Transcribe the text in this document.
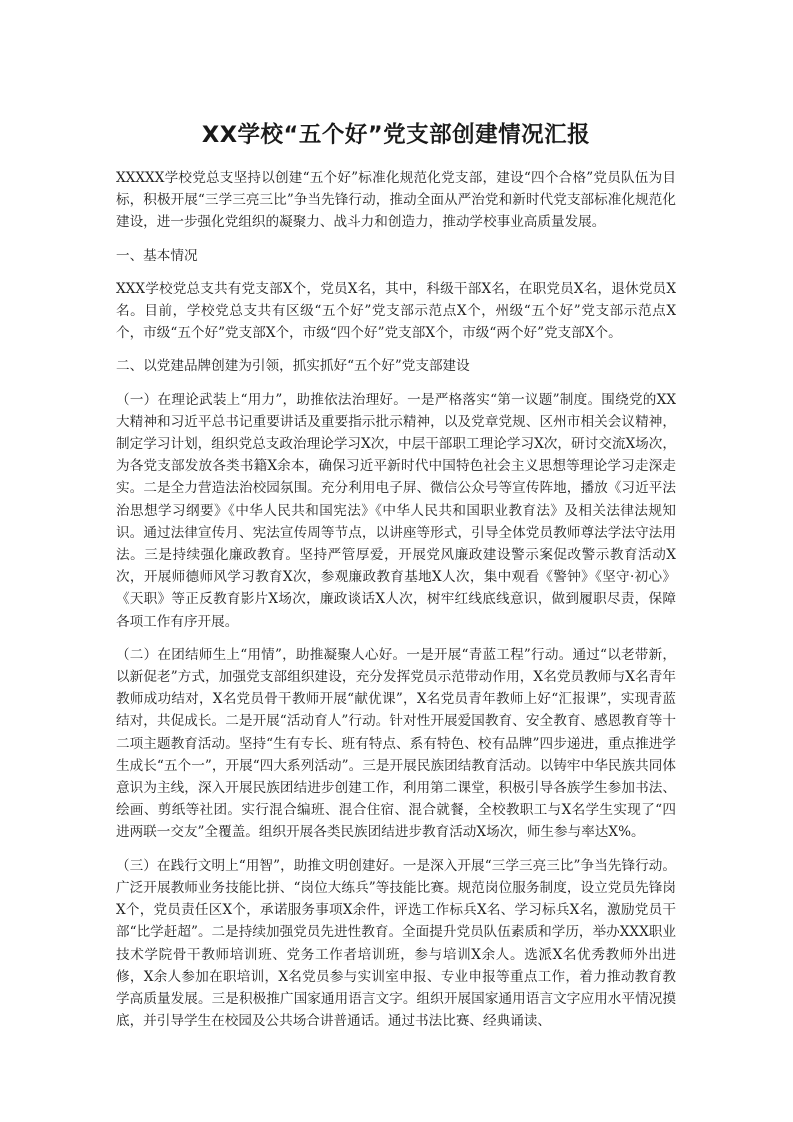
XX学校“五个好”党支部创建情况汇报

XXXXX学校党总支坚持以创建“五个好”标准化规范化党支部，建设“四个合格”党员队伍为目标，积极开展“三学三亮三比”争当先锋行动，推动全面从严治党和新时代党支部标准化规范化建设，进一步强化党组织的凝聚力、战斗力和创造力，推动学校事业高质量发展。

一、基本情况

XXX学校党总支共有党支部X个，党员X名，其中，科级干部X名，在职党员X名，退休党员X名。目前，学校党总支共有区级“五个好”党支部示范点X个，州级“五个好”党支部示范点X个，市级“五个好”党支部X个，市级“四个好”党支部X个，市级“两个好”党支部X个。

二、以党建品牌创建为引领，抓实抓好“五个好”党支部建设

（一）在理论武装上“用力”，助推依法治理好。一是严格落实“第一议题”制度。围绕党的XX大精神和习近平总书记重要讲话及重要指示批示精神，以及党章党规、区州市相关会议精神，制定学习计划，组织党总支政治理论学习X次，中层干部职工理论学习X次，研讨交流X场次，为各党支部发放各类书籍X余本，确保习近平新时代中国特色社会主义思想等理论学习走深走实。二是全力营造法治校园氛围。充分利用电子屏、微信公众号等宣传阵地，播放《习近平法治思想学习纲要》《中华人民共和国宪法》《中华人民共和国职业教育法》及相关法律法规知识。通过法律宣传月、宪法宣传周等节点，以讲座等形式，引导全体党员教师尊法学法守法用法。三是持续强化廉政教育。坚持严管厚爱，开展党风廉政建设警示案促改警示教育活动X次，开展师德师风学习教育X次，参观廉政教育基地X人次，集中观看《警钟》《坚守·初心》《天职》等正反教育影片X场次，廉政谈话X人次，树牢红线底线意识，做到履职尽责，保障各项工作有序开展。

（二）在团结师生上“用情”，助推凝聚人心好。一是开展“青蓝工程”行动。通过“以老带新，以新促老”方式，加强党支部组织建设，充分发挥党员示范带动作用，X名党员教师与X名青年教师成功结对，X名党员骨干教师开展“献优课”，X名党员青年教师上好“汇报课”，实现青蓝结对，共促成长。二是开展“活动育人”行动。针对性开展爱国教育、安全教育、感恩教育等十二项主题教育活动。坚持“生有专长、班有特点、系有特色、校有品牌”四步递进，重点推进学生成长“五个一”，开展“四大系列活动”。三是开展民族团结教育活动。以铸牢中华民族共同体意识为主线，深入开展民族团结进步创建工作，利用第二课堂，积极引导各族学生参加书法、绘画、剪纸等社团。实行混合编班、混合住宿、混合就餐，全校教职工与X名学生实现了“四进两联一交友”全覆盖。组织开展各类民族团结进步教育活动X场次，师生参与率达X%。

（三）在践行文明上“用智”，助推文明创建好。一是深入开展“三学三亮三比”争当先锋行动。广泛开展教师业务技能比拼、“岗位大练兵”等技能比赛。规范岗位服务制度，设立党员先锋岗X个，党员责任区X个，承诺服务事项X余件，评选工作标兵X名、学习标兵X名，激励党员干部“比学赶超”。二是持续加强党员先进性教育。全面提升党员队伍素质和学历，举办XXX职业技术学院骨干教师培训班、党务工作者培训班，参与培训X余人。选派X名优秀教师外出进修，X余人参加在职培训，X名党员参与实训室申报、专业申报等重点工作，着力推动教育教学高质量发展。三是积极推广国家通用语言文字。组织开展国家通用语言文字应用水平情况摸底，并引导学生在校园及公共场合讲普通话。通过书法比赛、经典诵读、
